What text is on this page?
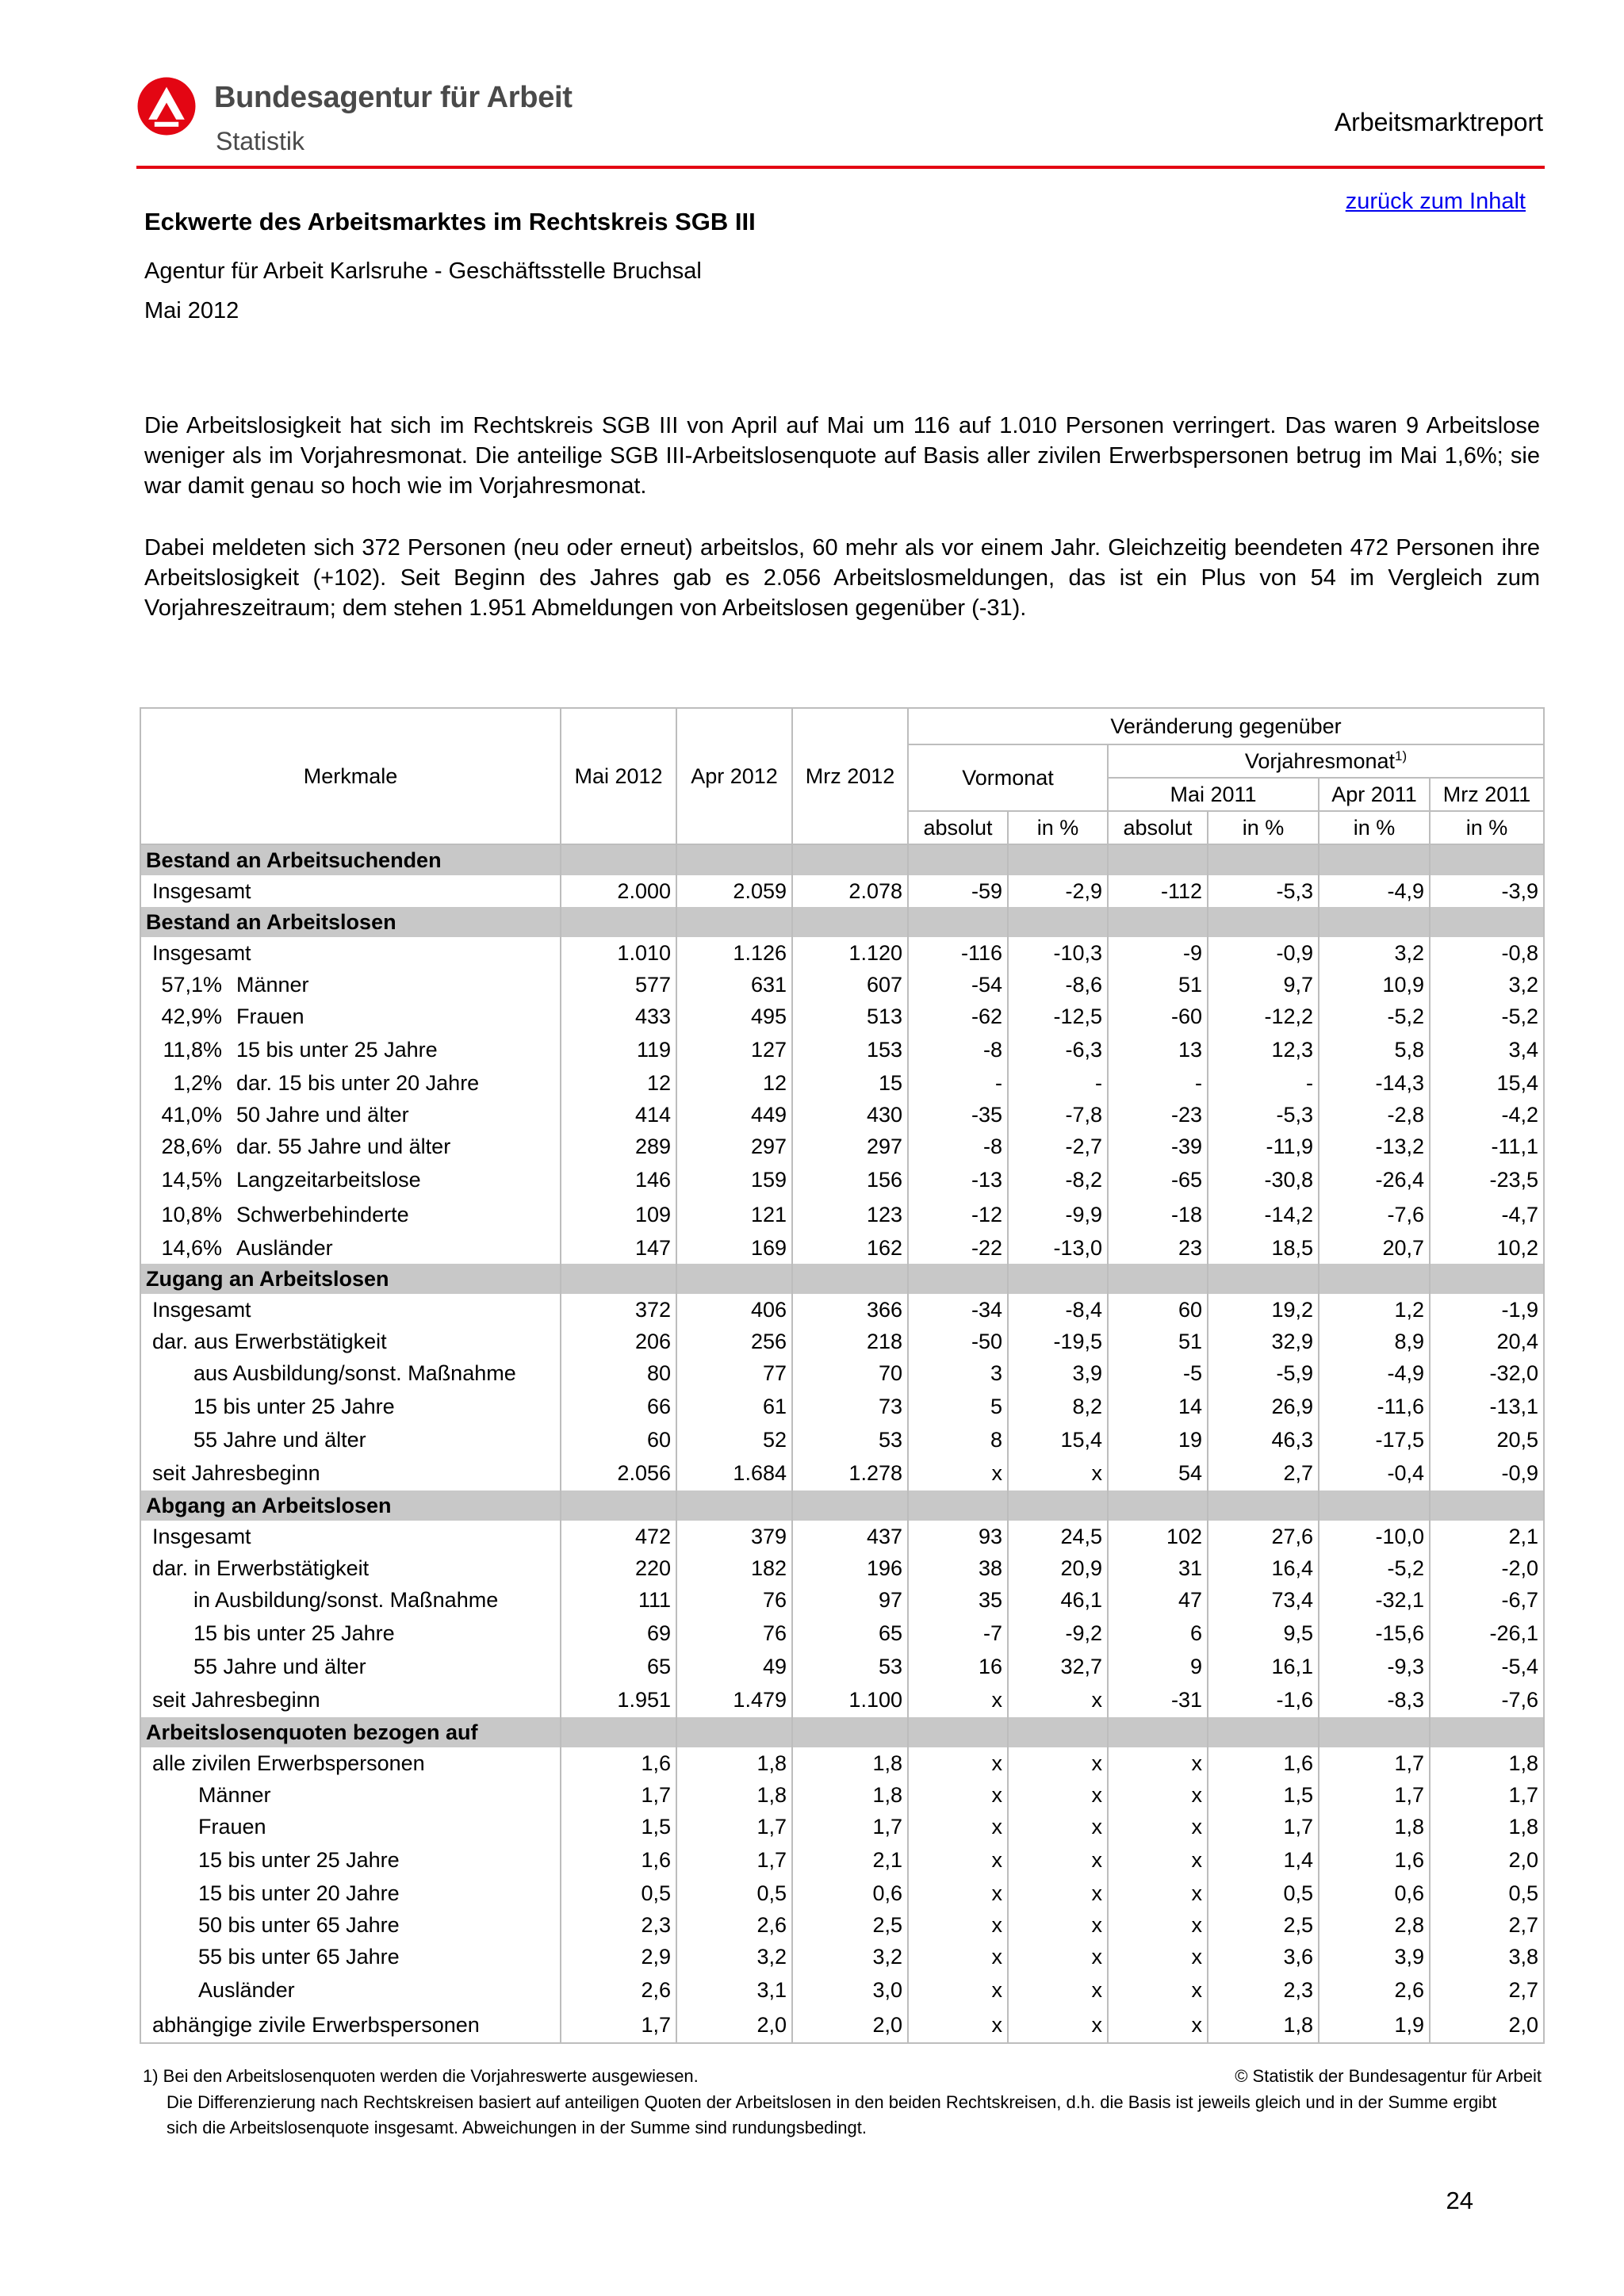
Bundesagentur für Arbeit
Statistik
Arbeitsmarktreport
zurück zum Inhalt
Eckwerte des Arbeitsmarktes im Rechtskreis SGB III
Agentur für Arbeit Karlsruhe - Geschäftsstelle Bruchsal
Mai 2012

Die Arbeitslosigkeit hat sich im Rechtskreis SGB III von April auf Mai um 116 auf 1.010 Personen verringert. Das waren 9 Arbeitslose weniger als im Vorjahresmonat. Die anteilige SGB III-Arbeitslosenquote auf Basis aller zivilen Erwerbspersonen betrug im Mai 1,6%; sie war damit genau so hoch wie im Vorjahresmonat.

Dabei meldeten sich 372 Personen (neu oder erneut) arbeitslos, 60 mehr als vor einem Jahr. Gleichzeitig beendeten 472 Personen ihre Arbeitslosigkeit (+102). Seit Beginn des Jahres gab es 2.056 Arbeitslosmeldungen, das ist ein Plus von 54 im Vergleich zum Vorjahreszeitraum; dem stehen 1.951 Abmeldungen von Arbeitslosen gegenüber (-31).

Merkmale	Mai 2012	Apr 2012	Mrz 2012	Veränderung gegenüber					
				Vormonat		Vorjahresmonat$^{1)}$
						Mai 2011		Apr 2011	Mrz 2011
				absolut	in %	absolut	in %	in %	in %
Bestand an Arbeitsuchenden									
Insgesamt	2.000	2.059	2.078	-59	-2,9	-112	-5,3	-4,9	-3,9
Bestand an Arbeitslosen									
Insgesamt	1.010	1.126	1.120	-116	-10,3	-9	-0,9	3,2	-0,8
57,1% Männer	577	631	607	-54	-8,6	51	9,7	10,9	3,2
42,9% Frauen	433	495	513	-62	-12,5	-60	-12,2	-5,2	-5,2
11,8% 15 bis unter 25 Jahre	119	127	153	-8	-6,3	13	12,3	5,8	3,4
1,2% dar. 15 bis unter 20 Jahre	12	12	15	-	-	-	-	-14,3	15,4
41,0% 50 Jahre und älter	414	449	430	-35	-7,8	-23	-5,3	-2,8	-4,2
28,6% dar. 55 Jahre und älter	289	297	297	-8	-2,7	-39	-11,9	-13,2	-11,1
14,5% Langzeitarbeitslose	146	159	156	-13	-8,2	-65	-30,8	-26,4	-23,5
10,8% Schwerbehinderte	109	121	123	-12	-9,9	-18	-14,2	-7,6	-4,7
14,6% Ausländer	147	169	162	-22	-13,0	23	18,5	20,7	10,2
Zugang an Arbeitslosen									
Insgesamt	372	406	366	-34	-8,4	60	19,2	1,2	-1,9
dar. aus Erwerbstätigkeit	206	256	218	-50	-19,5	51	32,9	8,9	20,4
aus Ausbildung/sonst. Maßnahme	80	77	70	3	3,9	-5	-5,9	-4,9	-32,0
15 bis unter 25 Jahre	66	61	73	5	8,2	14	26,9	-11,6	-13,1
55 Jahre und älter	60	52	53	8	15,4	19	46,3	-17,5	20,5
seit Jahresbeginn	2.056	1.684	1.278	x	x	54	2,7	-0,4	-0,9
Abgang an Arbeitslosen									
Insgesamt	472	379	437	93	24,5	102	27,6	-10,0	2,1
dar. in Erwerbstätigkeit	220	182	196	38	20,9	31	16,4	-5,2	-2,0
in Ausbildung/sonst. Maßnahme	111	76	97	35	46,1	47	73,4	-32,1	-6,7
15 bis unter 25 Jahre	69	76	65	-7	-9,2	6	9,5	-15,6	-26,1
55 Jahre und älter	65	49	53	16	32,7	9	16,1	-9,3	-5,4
seit Jahresbeginn	1.951	1.479	1.100	x	x	-31	-1,6	-8,3	-7,6
Arbeitslosenquoten bezogen auf									
alle zivilen Erwerbspersonen	1,6	1,8	1,8	x	x	x	1,6	1,7	1,8
Männer	1,7	1,8	1,8	x	x	x	1,5	1,7	1,7
Frauen	1,5	1,7	1,7	x	x	x	1,7	1,8	1,8
15 bis unter 25 Jahre	1,6	1,7	2,1	x	x	x	1,4	1,6	2,0
15 bis unter 20 Jahre	0,5	0,5	0,6	x	x	x	0,5	0,6	0,5
50 bis unter 65 Jahre	2,3	2,6	2,5	x	x	x	2,5	2,8	2,7
55 bis unter 65 Jahre	2,9	3,2	3,2	x	x	x	3,6	3,9	3,8
Ausländer	2,6	3,1	3,0	x	x	x	2,3	2,6	2,7
abhängige zivile Erwerbspersonen	1,7	2,0	2,0	x	x	x	1,8	1,9	2,0
1) Bei den Arbeitslosenquoten werden die Vorjahreswerte ausgewiesen.	© Statistik der Bundesagentur für Arbeit

Die Differenzierung nach Rechtskreisen basiert auf anteiligen Quoten der Arbeitslosen in den beiden Rechtskreisen, d.h. die Basis ist jeweils gleich und in der Summe ergibt sich die Arbeitslosenquote insgesamt. Abweichungen in der Summe sind rundungsbedingt.

24
